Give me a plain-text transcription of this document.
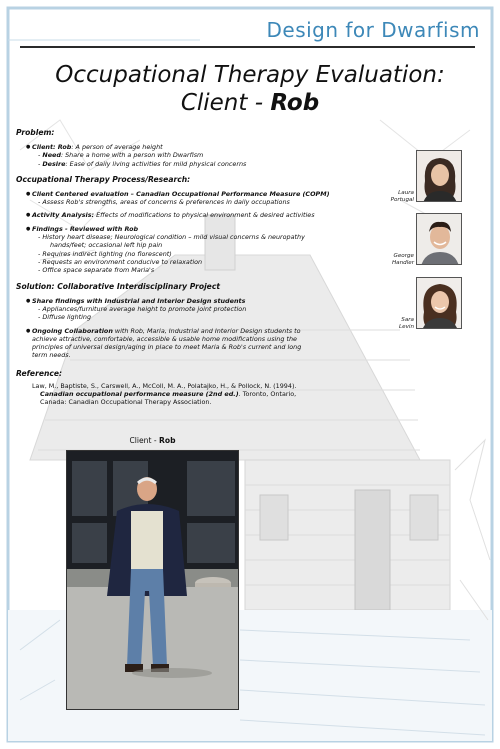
Design for Dwarfism
Occupational Therapy Evaluation:
Client - Rob
Problem:
● Client: Rob: A person of average height
- Need: Share a home with a person with Dwarfism
- Desire: Ease of daily living activities for mild physical concerns
Occupational Therapy Process/Research:
● Client Centered evaluation – Canadian Occupational Performance Measure (COPM)
- Assess Rob's strengths, areas of concerns & preferences in daily occupations
● Activity Analysis: Effects of modifications to physical environment & desired activities
● Findings - Reviewed with Rob
- History heart disease; Neurological condition – mild visual concerns & neuropathy
hands/feet; occasional left hip pain
- Requires indirect lighting (no florescent)
- Requests an environment conducive to relaxation
- Office space separate from Maria's
Solution: Collaborative Interdisciplinary Project
● Share findings with Industrial and Interior Design students
- Appliances/furniture average height to promote joint protection
- Diffuse lighting
● Ongoing Collaboration with Rob, Maria, Industrial and Interior Design students to
achieve attractive, comfortable, accessible & usable home modifications using the
principles of universal design/aging in place to meet Maria & Rob's current and long
term needs.
Reference:
Law, M., Baptiste, S., Carswell, A., McColl, M. A., Polatajko, H., & Pollock, N. (1994).
Canadian occupational performance measure (2nd ed.). Toronto, Ontario,
Canada: Canadian Occupational Therapy Association.
Laura
Portugal
George
Handler
Sara
Levin
Client - Rob
